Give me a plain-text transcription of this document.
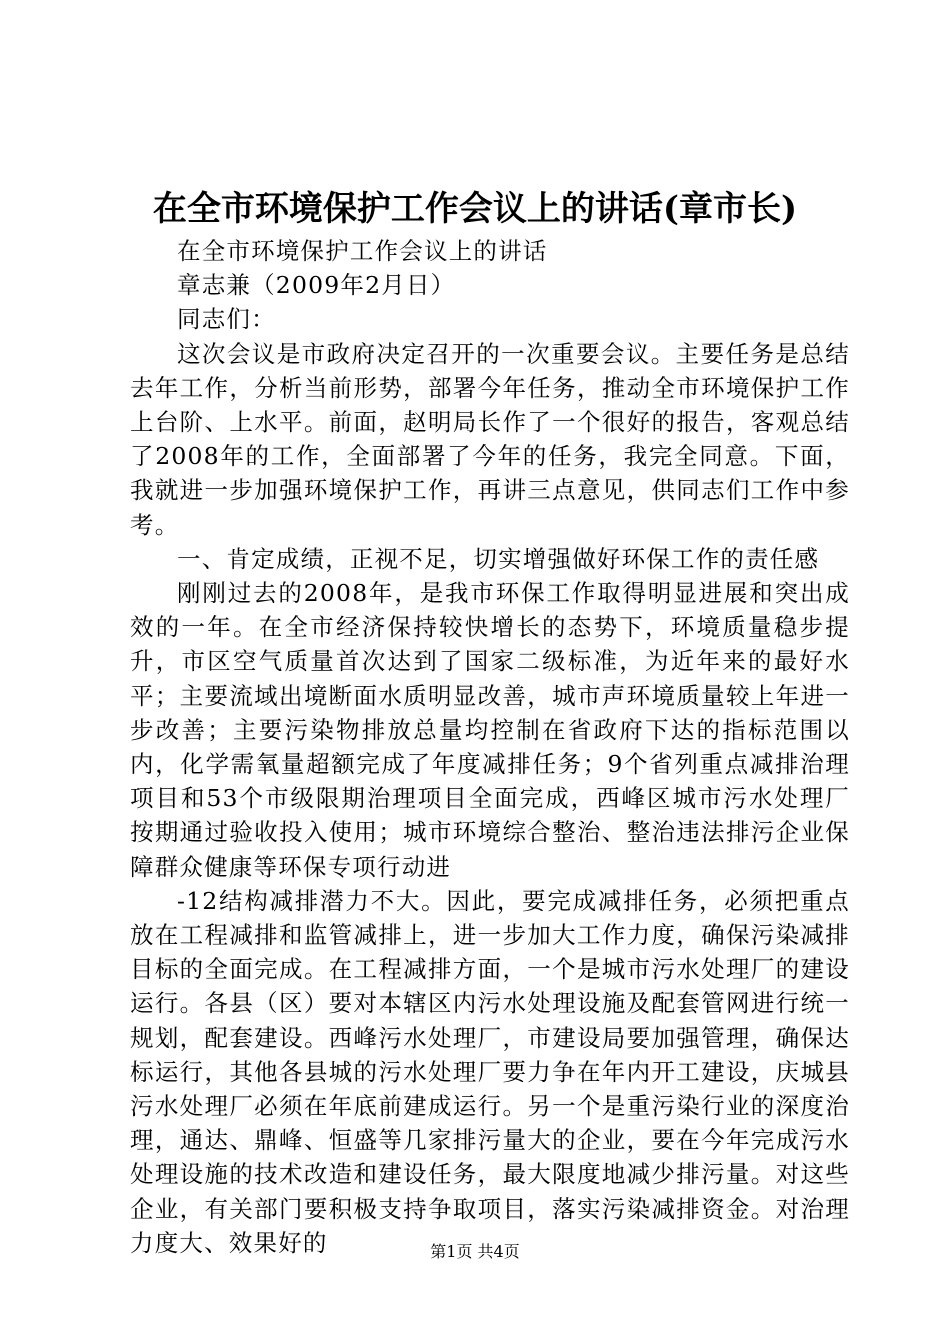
在全市环境保护工作会议上的讲话(章市长)

在全市环境保护工作会议上的讲话

章志兼（2009年2月日）

同志们：

这次会议是市政府决定召开的一次重要会议。主要任务是总结去年工作，分析当前形势，部署今年任务，推动全市环境保护工作上台阶、上水平。前面，赵明局长作了一个很好的报告，客观总结了2008年的工作，全面部署了今年的任务，我完全同意。下面，我就进一步加强环境保护工作，再讲三点意见，供同志们工作中参考。

一、肯定成绩，正视不足，切实增强做好环保工作的责任感

刚刚过去的2008年，是我市环保工作取得明显进展和突出成效的一年。在全市经济保持较快增长的态势下，环境质量稳步提升，市区空气质量首次达到了国家二级标准，为近年来的最好水平；主要流域出境断面水质明显改善，城市声环境质量较上年进一步改善；主要污染物排放总量均控制在省政府下达的指标范围以内，化学需氧量超额完成了年度减排任务；9个省列重点减排治理项目和53个市级限期治理项目全面完成，西峰区城市污水处理厂按期通过验收投入使用；城市环境综合整治、整治违法排污企业保障群众健康等环保专项行动进

-12结构减排潜力不大。因此，要完成减排任务，必须把重点放在工程减排和监管减排上，进一步加大工作力度，确保污染减排目标的全面完成。在工程减排方面，一个是城市污水处理厂的建设运行。各县（区）要对本辖区内污水处理设施及配套管网进行统一规划，配套建设。西峰污水处理厂，市建设局要加强管理，确保达标运行，其他各县城的污水处理厂要力争在年内开工建设，庆城县污水处理厂必须在年底前建成运行。另一个是重污染行业的深度治理，通达、鼎峰、恒盛等几家排污量大的企业，要在今年完成污水处理设施的技术改造和建设任务，最大限度地减少排污量。对这些企业，有关部门要积极支持争取项目，落实污染减排资金。对治理力度大、效果好的	第1页 共4页
